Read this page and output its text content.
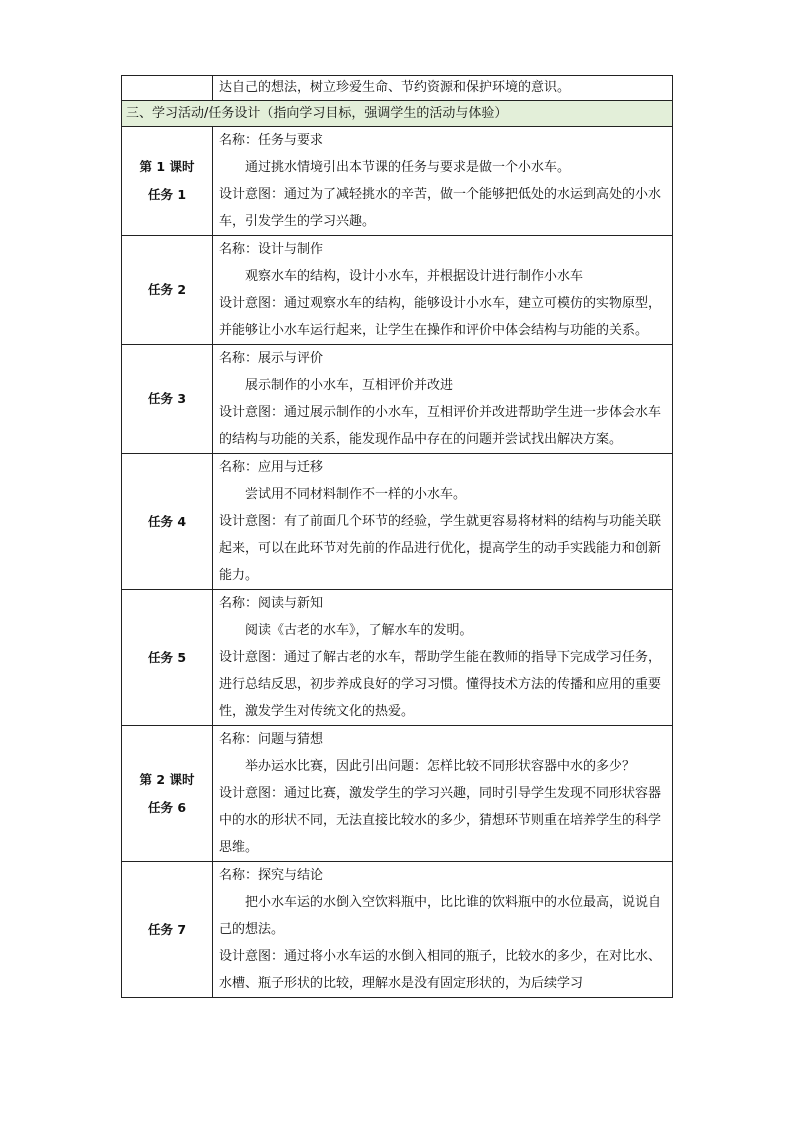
	达自己的想法，树立珍爱生命、节约资源和保护环境的意识。
三、学习活动/任务设计（指向学习目标，强调学生的活动与体验）	

第 1 课时
任务 1	名称：任务与要求
通过挑水情境引出本节课的任务与要求是做一个小水车。
设计意图：通过为了减轻挑水的辛苦，做一个能够把低处的水运到高处的小水车，引发学生的学习兴趣。

任务 2	名称：设计与制作
观察水车的结构，设计小水车，并根据设计进行制作小水车
设计意图：通过观察水车的结构，能够设计小水车，建立可模仿的实物原型，并能够让小水车运行起来，让学生在操作和评价中体会结构与功能的关系。

任务 3	名称：展示与评价
展示制作的小水车，互相评价并改进
设计意图：通过展示制作的小水车，互相评价并改进帮助学生进一步体会水车的结构与功能的关系，能发现作品中存在的问题并尝试找出解决方案。

任务 4	名称：应用与迁移
尝试用不同材料制作不一样的小水车。
设计意图：有了前面几个环节的经验，学生就更容易将材料的结构与功能关联起来，可以在此环节对先前的作品进行优化，提高学生的动手实践能力和创新能力。

任务 5	名称：阅读与新知
阅读《古老的水车》，了解水车的发明。
设计意图：通过了解古老的水车，帮助学生能在教师的指导下完成学习任务，进行总结反思，初步养成良好的学习习惯。懂得技术方法的传播和应用的重要性，激发学生对传统文化的热爱。

第 2 课时
任务 6	名称：问题与猜想
举办运水比赛，因此引出问题：怎样比较不同形状容器中水的多少？
设计意图：通过比赛，激发学生的学习兴趣，同时引导学生发现不同形状容器中的水的形状不同，无法直接比较水的多少，猜想环节则重在培养学生的科学思维。

任务 7	名称：探究与结论
把小水车运的水倒入空饮料瓶中，比比谁的饮料瓶中的水位最高，说说自己的想法。
设计意图：通过将小水车运的水倒入相同的瓶子，比较水的多少，在对比水、水槽、瓶子形状的比较，理解水是没有固定形状的，为后续学习
